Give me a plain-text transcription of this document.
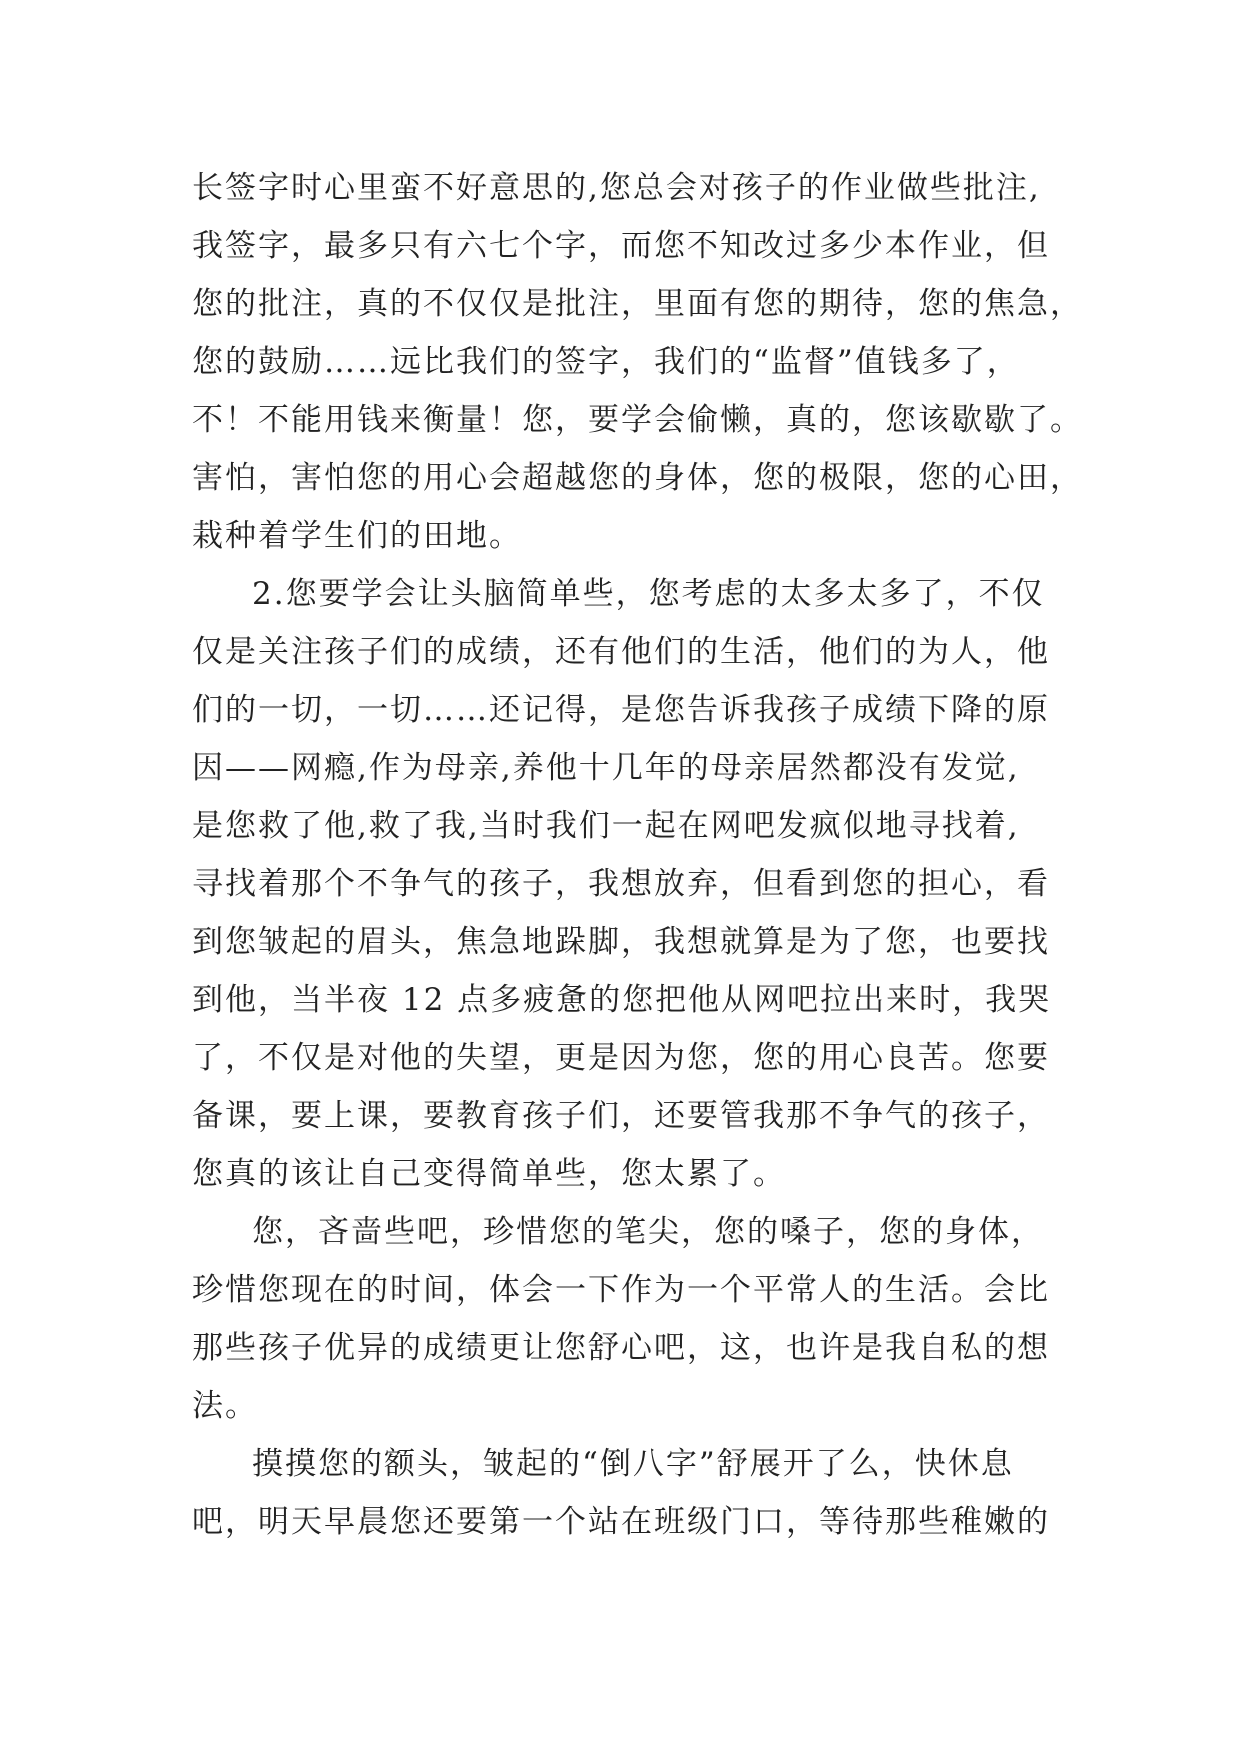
长签字时心里蛮不好意思的,您总会对孩子的作业做些批注,
我签字，最多只有六七个字，而您不知改过多少本作业，但
您的批注，真的不仅仅是批注，里面有您的期待，您的焦急，
您的鼓励……远比我们的签字，我们的“监督”值钱多了，
不！不能用钱来衡量！您，要学会偷懒，真的，您该歇歇了。
害怕，害怕您的用心会超越您的身体，您的极限，您的心田，
栽种着学生们的田地。
2.您要学会让头脑简单些，您考虑的太多太多了，不仅
仅是关注孩子们的成绩，还有他们的生活，他们的为人，他
们的一切，一切……还记得，是您告诉我孩子成绩下降的原
因——网瘾,作为母亲,养他十几年的母亲居然都没有发觉,
是您救了他,救了我,当时我们一起在网吧发疯似地寻找着,
寻找着那个不争气的孩子，我想放弃，但看到您的担心，看
到您皱起的眉头，焦急地跺脚，我想就算是为了您，也要找
到他，当半夜 12 点多疲惫的您把他从网吧拉出来时，我哭
了，不仅是对他的失望，更是因为您，您的用心良苦。您要
备课，要上课，要教育孩子们，还要管我那不争气的孩子，
您真的该让自己变得简单些，您太累了。
您，吝啬些吧，珍惜您的笔尖，您的嗓子，您的身体，
珍惜您现在的时间，体会一下作为一个平常人的生活。会比
那些孩子优异的成绩更让您舒心吧，这，也许是我自私的想
法。
摸摸您的额头，皱起的“倒八字”舒展开了么，快休息
吧，明天早晨您还要第一个站在班级门口，等待那些稚嫩的
